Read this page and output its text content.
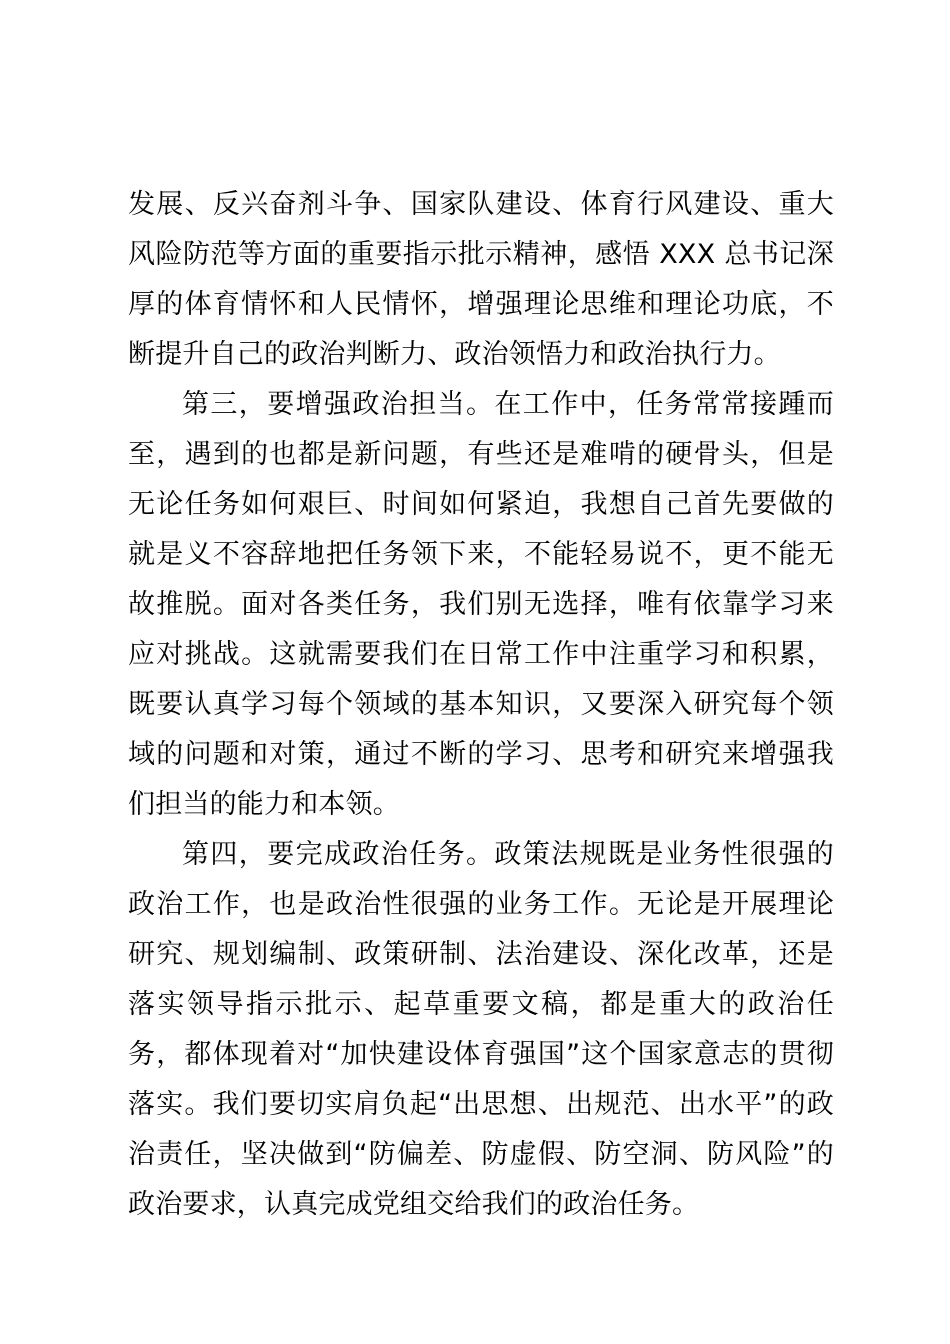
发展、反兴奋剂斗争、国家队建设、体育行风建设、重大风险防范等方面的重要指示批示精神，感悟 XXX 总书记深厚的体育情怀和人民情怀，增强理论思维和理论功底，不断提升自己的政治判断力、政治领悟力和政治执行力。

第三，要增强政治担当。在工作中，任务常常接踵而至，遇到的也都是新问题，有些还是难啃的硬骨头，但是无论任务如何艰巨、时间如何紧迫，我想自己首先要做的就是义不容辞地把任务领下来，不能轻易说不，更不能无故推脱。面对各类任务，我们别无选择，唯有依靠学习来应对挑战。这就需要我们在日常工作中注重学习和积累，既要认真学习每个领域的基本知识，又要深入研究每个领域的问题和对策，通过不断的学习、思考和研究来增强我们担当的能力和本领。

第四，要完成政治任务。政策法规既是业务性很强的政治工作，也是政治性很强的业务工作。无论是开展理论研究、规划编制、政策研制、法治建设、深化改革，还是落实领导指示批示、起草重要文稿，都是重大的政治任务，都体现着对“加快建设体育强国”这个国家意志的贯彻落实。我们要切实肩负起“出思想、出规范、出水平”的政治责任，坚决做到“防偏差、防虚假、防空洞、防风险”的政治要求，认真完成党组交给我们的政治任务。
